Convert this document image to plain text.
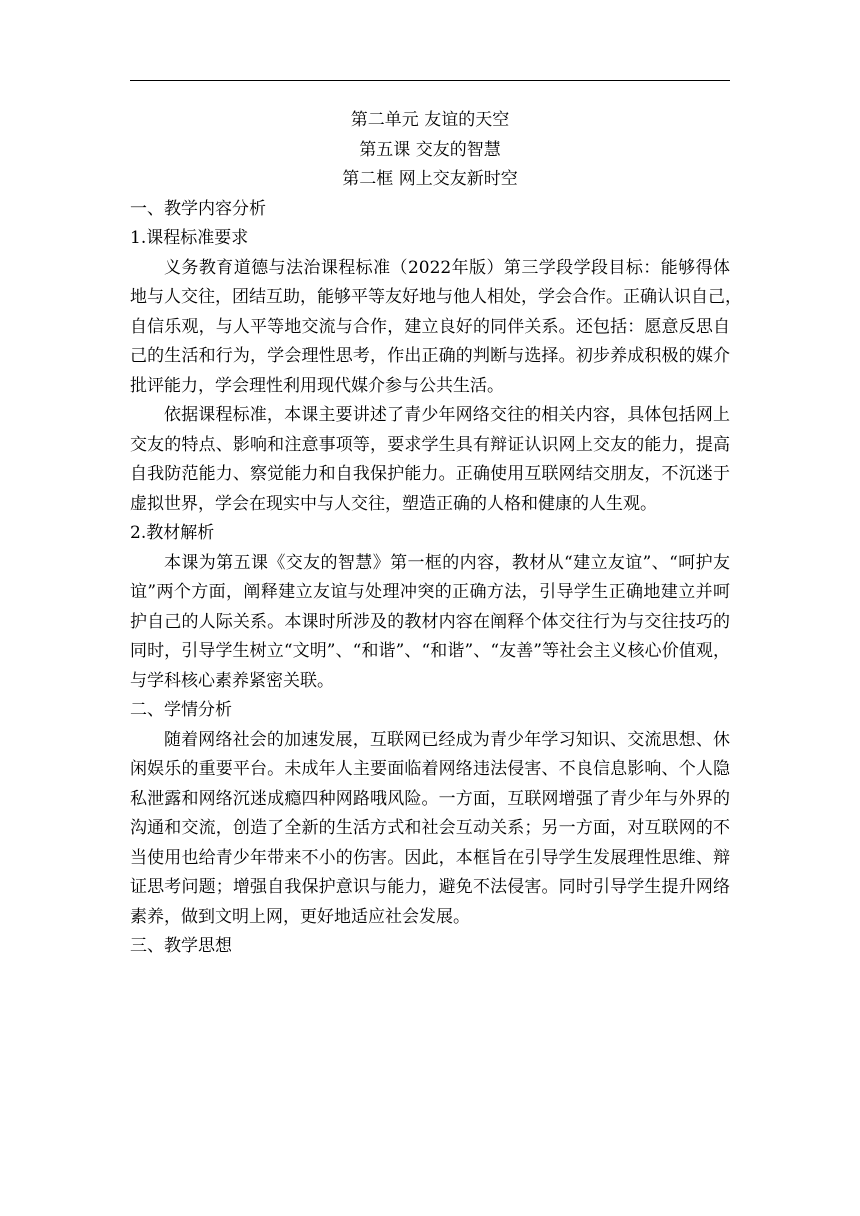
第二单元 友谊的天空
第五课 交友的智慧
第二框 网上交友新时空
一、教学内容分析
1.课程标准要求
义务教育道德与法治课程标准（2022年版）第三学段学段目标：能够得体
地与人交往，团结互助，能够平等友好地与他人相处，学会合作。正确认识自己，
自信乐观，与人平等地交流与合作，建立良好的同伴关系。还包括：愿意反思自
己的生活和行为，学会理性思考，作出正确的判断与选择。初步养成积极的媒介
批评能力，学会理性利用现代媒介参与公共生活。
依据课程标准，本课主要讲述了青少年网络交往的相关内容，具体包括网上
交友的特点、影响和注意事项等，要求学生具有辩证认识网上交友的能力，提高
自我防范能力、察觉能力和自我保护能力。正确使用互联网结交朋友，不沉迷于
虚拟世界，学会在现实中与人交往，塑造正确的人格和健康的人生观。
2.教材解析
本课为第五课《交友的智慧》第一框的内容，教材从“建立友谊”、“呵护友
谊”两个方面，阐释建立友谊与处理冲突的正确方法，引导学生正确地建立并呵
护自己的人际关系。本课时所涉及的教材内容在阐释个体交往行为与交往技巧的
同时，引导学生树立“文明”、“和谐”、“和谐”、“友善”等社会主义核心价值观，
与学科核心素养紧密关联。
二、学情分析
随着网络社会的加速发展，互联网已经成为青少年学习知识、交流思想、休
闲娱乐的重要平台。未成年人主要面临着网络违法侵害、不良信息影响、个人隐
私泄露和网络沉迷成瘾四种网路哦风险。一方面，互联网增强了青少年与外界的
沟通和交流，创造了全新的生活方式和社会互动关系；另一方面，对互联网的不
当使用也给青少年带来不小的伤害。因此，本框旨在引导学生发展理性思维、辩
证思考问题；增强自我保护意识与能力，避免不法侵害。同时引导学生提升网络
素养，做到文明上网，更好地适应社会发展。
三、教学思想
